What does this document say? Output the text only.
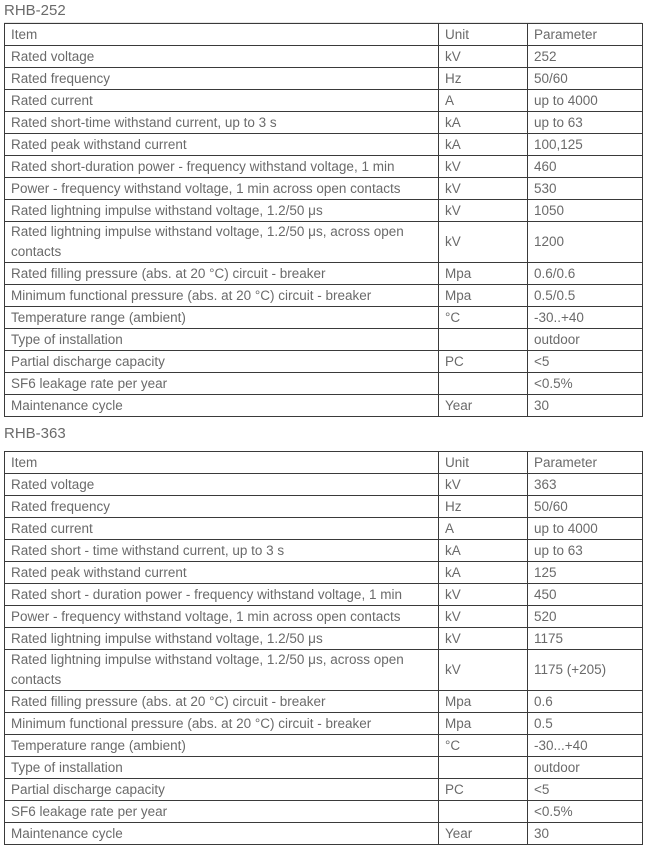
RHB-252
Item	Unit	Parameter
Rated voltage	kV	252
Rated frequency	Hz	50/60
Rated current	A	up to 4000
Rated short-time withstand current, up to 3 s	kA	up to 63
Rated peak withstand current	kA	100,125
Rated short-duration power - frequency withstand voltage, 1 min	kV	460
Power - frequency withstand voltage, 1 min across open contacts	kV	530
Rated lightning impulse withstand voltage, 1.2/50 μs	kV	1050
Rated lightning impulse withstand voltage, 1.2/50 μs, across open contacts	kV	1200
Rated filling pressure (abs. at 20 °C) circuit - breaker	Mpa	0.6/0.6
Minimum functional pressure (abs. at 20 °C) circuit - breaker	Mpa	0.5/0.5
Temperature range (ambient)	°C	-30..+40
Type of installation		outdoor
Partial discharge capacity	PC	<5
SF6 leakage rate per year		<0.5%
Maintenance cycle	Year	30
RHB-363
Item	Unit	Parameter
Rated voltage	kV	363
Rated frequency	Hz	50/60
Rated current	A	up to 4000
Rated short - time withstand current, up to 3 s	kA	up to 63
Rated peak withstand current	kA	125
Rated short - duration power - frequency withstand voltage, 1 min	kV	450
Power - frequency withstand voltage, 1 min across open contacts	kV	520
Rated lightning impulse withstand voltage, 1.2/50 μs	kV	1175
Rated lightning impulse withstand voltage, 1.2/50 μs, across open contacts	kV	1175 (+205)
Rated filling pressure (abs. at 20 °C) circuit - breaker	Mpa	0.6
Minimum functional pressure (abs. at 20 °C) circuit - breaker	Mpa	0.5
Temperature range (ambient)	°C	-30...+40
Type of installation		outdoor
Partial discharge capacity	PC	<5
SF6 leakage rate per year		<0.5%
Maintenance cycle	Year	30
